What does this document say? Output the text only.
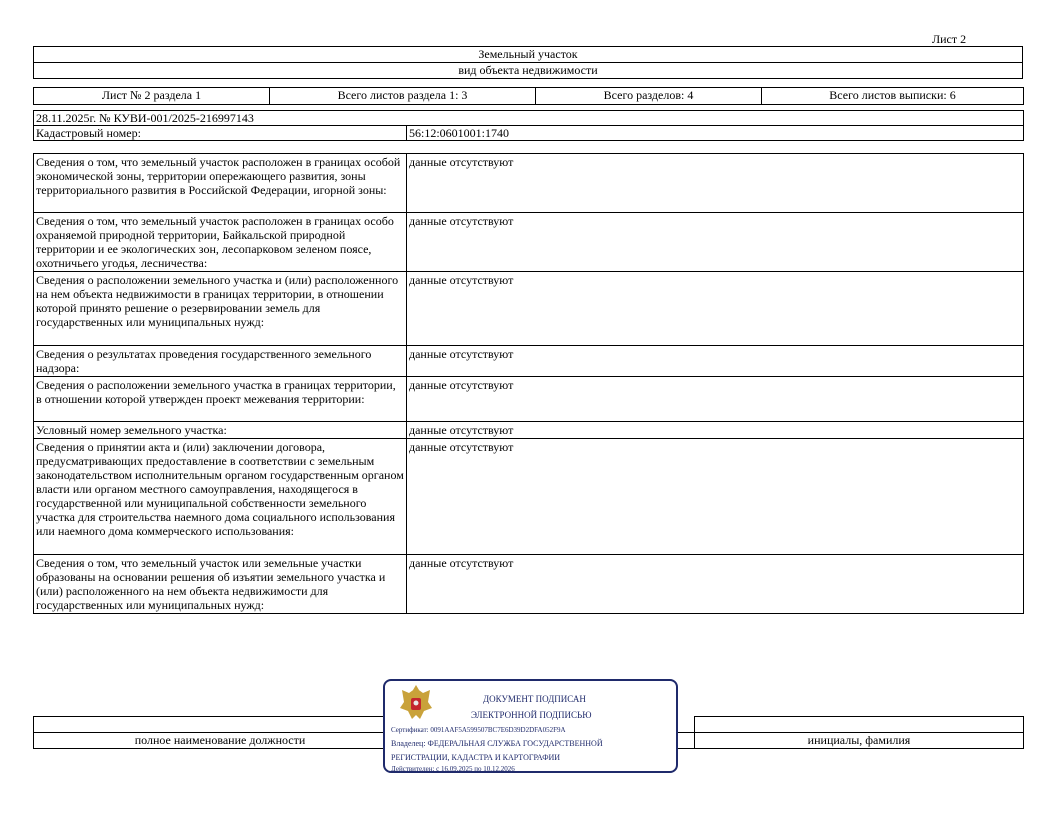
Лист 2
Земельный участок
вид объекта недвижимости
Лист № 2 раздела 1	Всего листов раздела 1: 3	Всего разделов: 4	Всего листов выписки: 6
28.11.2025г. № КУВИ-001/2025-216997143
Кадастровый номер:	56:12:0601001:1740
Сведения о том, что земельный участок расположен в границах особой экономической зоны, территории опережающего развития, зоны территориального развития в Российской Федерации, игорной зоны:	данные отсутствуют
Сведения о том, что земельный участок расположен в границах особо охраняемой природной территории, Байкальской природной территории и ее экологических зон, лесопарковом зеленом поясе, охотничьего угодья, лесничества:	данные отсутствуют
Сведения о расположении земельного участка и (или) расположенного на нем объекта недвижимости в границах территории, в отношении которой принято решение о резервировании земель для государственных или муниципальных нужд:	данные отсутствуют
Сведения о результатах проведения государственного земельного надзора:	данные отсутствуют
Сведения о расположении земельного участка в границах территории, в отношении которой утвержден проект межевания территории:	данные отсутствуют
Условный номер земельного участка:	данные отсутствуют
Сведения о принятии акта и (или) заключении договора, предусматривающих предоставление в соответствии с земельным законодательством исполнительным органом государственным органом власти или органом местного самоуправления, находящегося в государственной или муниципальной собственности земельного участка для строительства наемного дома социального использования или наемного дома коммерческого использования:	данные отсутствуют
Сведения о том, что земельный участок или земельные участки образованы на основании решения об изъятии земельного участка и (или) расположенного на нем объекта недвижимости для государственных или муниципальных нужд:	данные отсутствуют

полное наименование должности		инициалы, фамилия
ДОКУМЕНТ ПОДПИСАН
ЭЛЕКТРОННОЙ ПОДПИСЬЮ
Сертификат: 0091AAF5A599507BC7E6D39D2DFA052F9A
Владелец: ФЕДЕРАЛЬНАЯ СЛУЖБА ГОСУДАРСТВЕННОЙ
РЕГИСТРАЦИИ, КАДАСТРА И КАРТОГРАФИИ
Действителен: с 16.09.2025 по 10.12.2026
